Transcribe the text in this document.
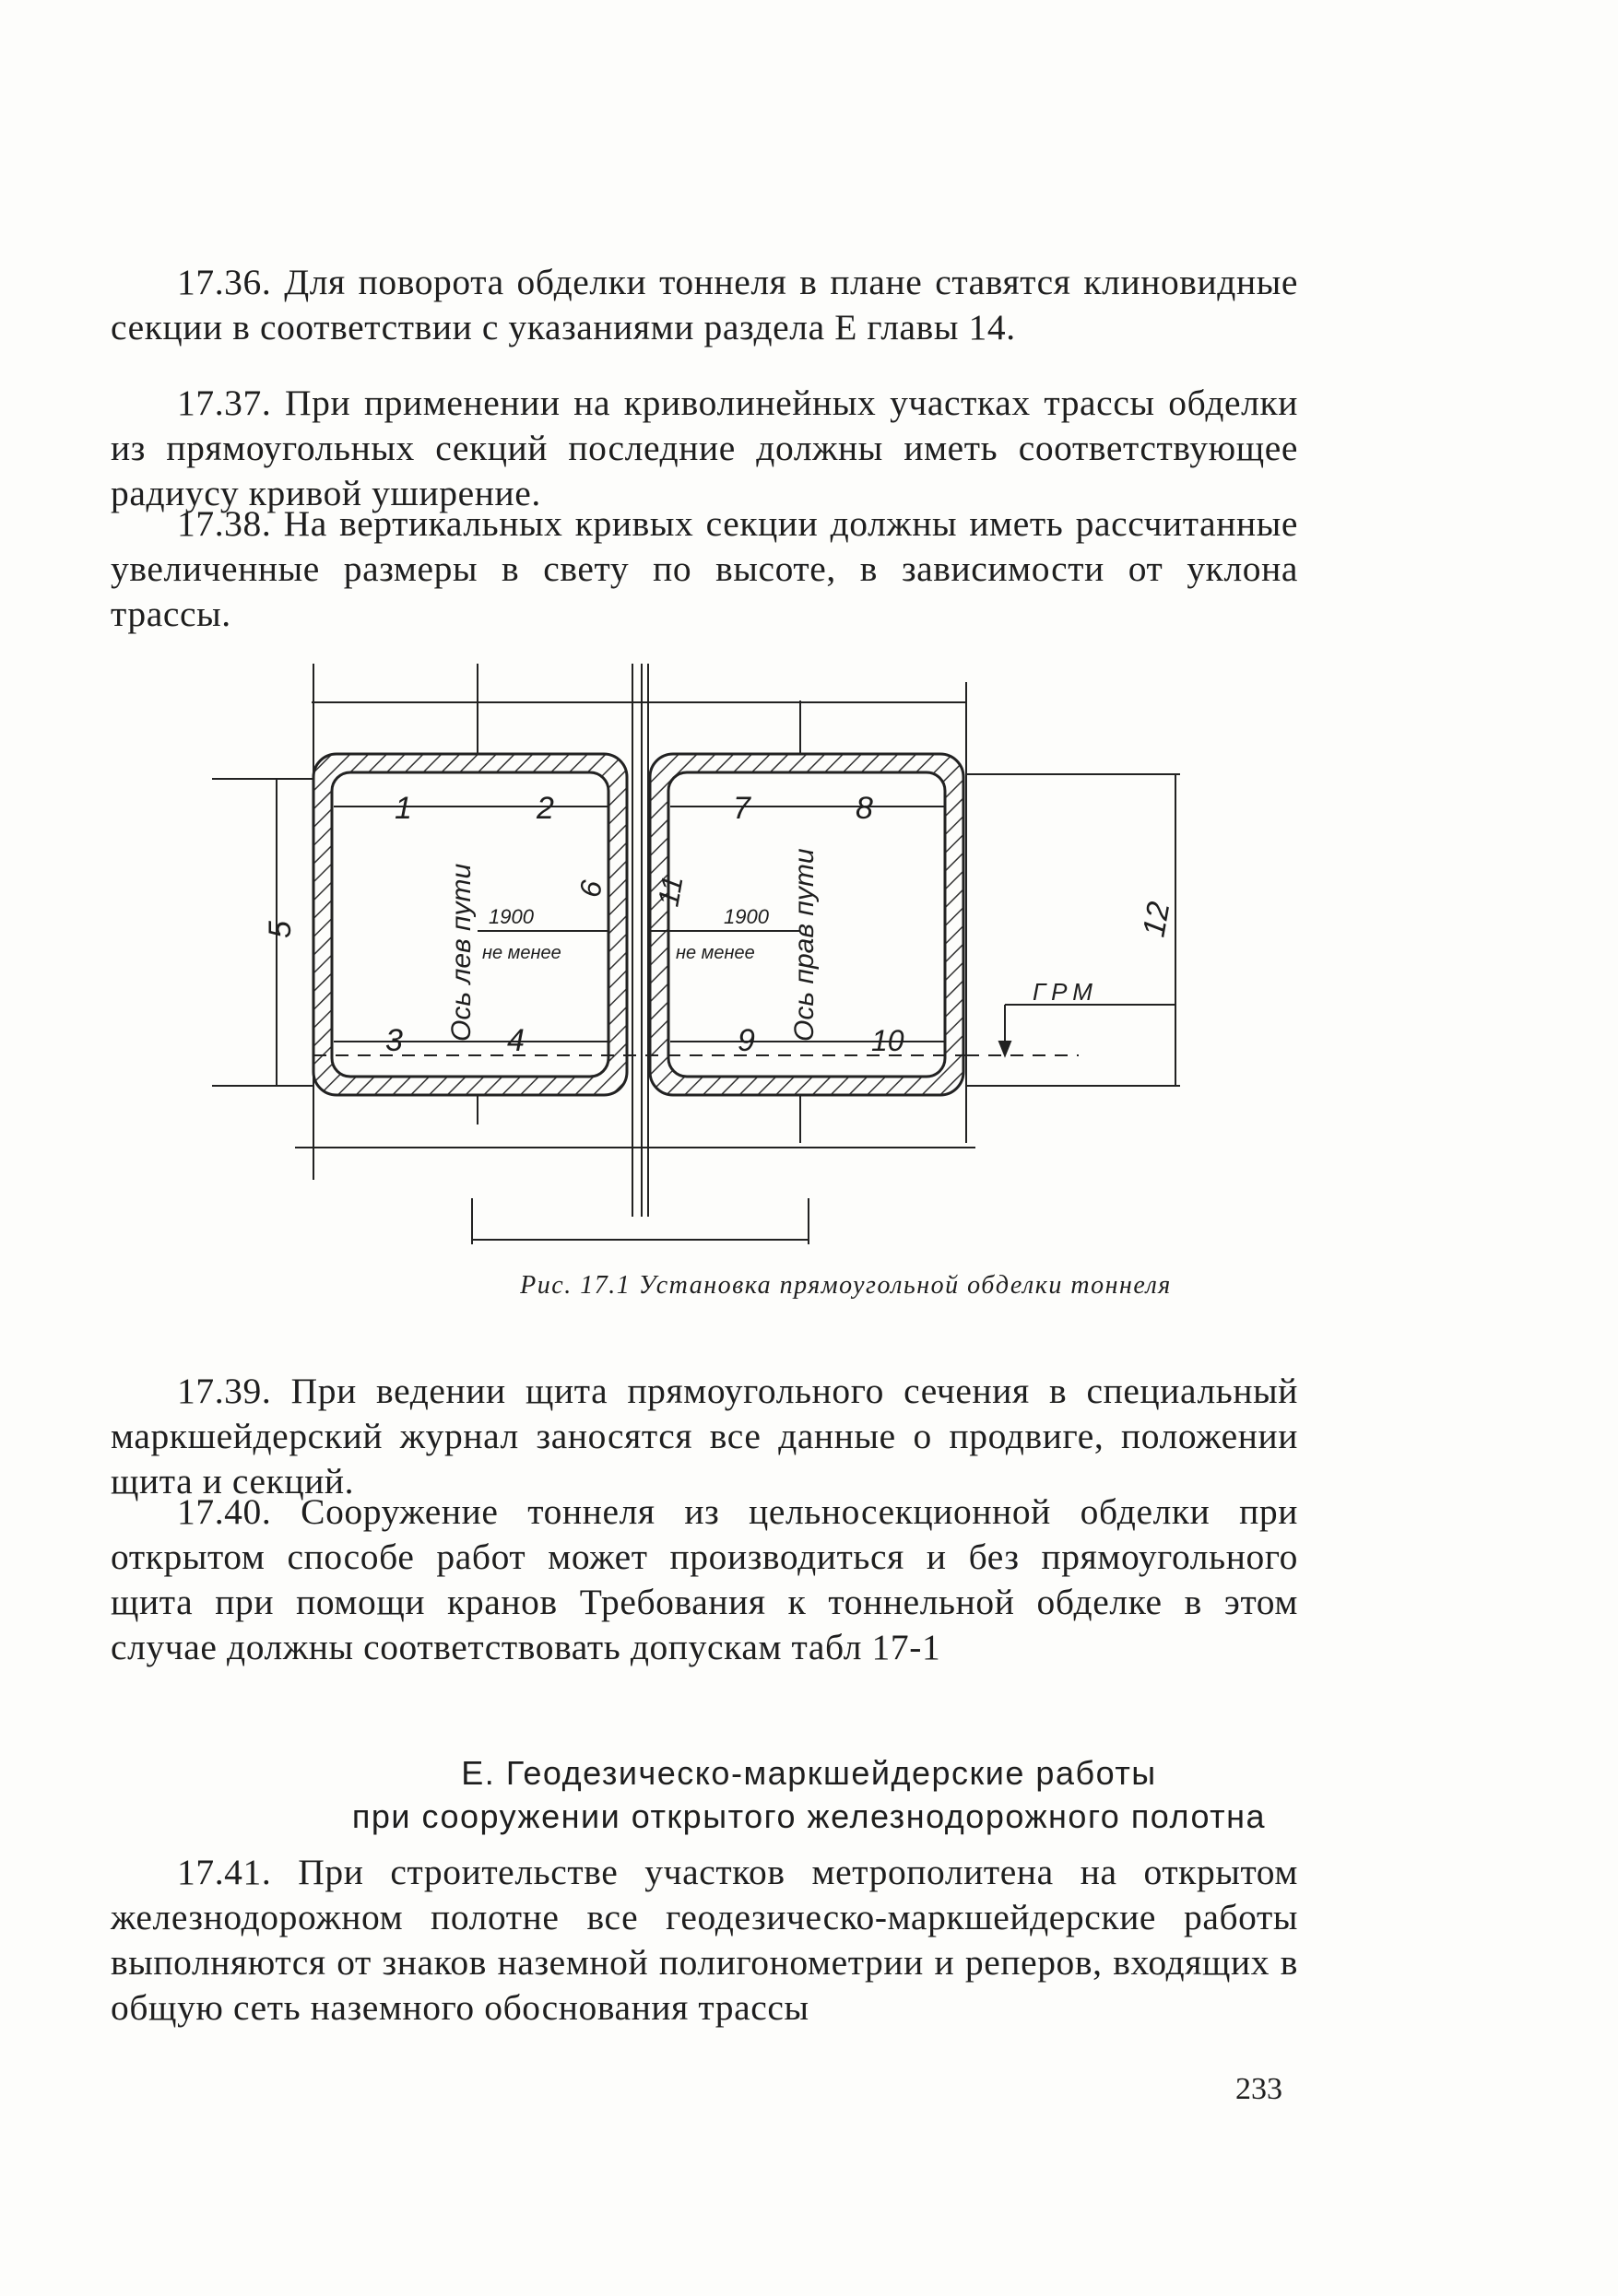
17.36. Для поворота обделки тоннеля в плане ставятся клиновидные секции в соответствии с указаниями раздела Е главы 14.

17.37. При применении на криволинейных участках трассы обделки из прямоугольных секций последние должны иметь соответствующее радиусу кривой уширение.

17.38. На вертикальных кривых секции должны иметь рассчитанные увеличенные размеры в свету по высоте, в зависимости от уклона трассы.

1	2
3	4
5
6
7	8
9	10
11
12
1900	1900
не менее	не менее
Ось лев пути	Ось прав пути	ГРМ

Рис. 17.1 Установка прямоугольной обделки тоннеля

17.39. При ведении щита прямоугольного сечения в специальный маркшейдерский журнал заносятся все данные о продвиге, положении щита и секций.

17.40. Сооружение тоннеля из цельносекционной обделки при открытом способе работ может производиться и без прямоугольного щита при помощи кранов Требования к тоннельной обделке в этом случае должны соответствовать допускам табл 17-1

Е. Геодезическо-маркшейдерские работы

при сооружении открытого железнодорожного полотна

17.41. При строительстве участков метрополитена на открытом железнодорожном полотне все геодезическо-маркшейдерские работы выполняются от знаков наземной полигонометрии и реперов, входящих в общую сеть наземного обоснования трассы

233
